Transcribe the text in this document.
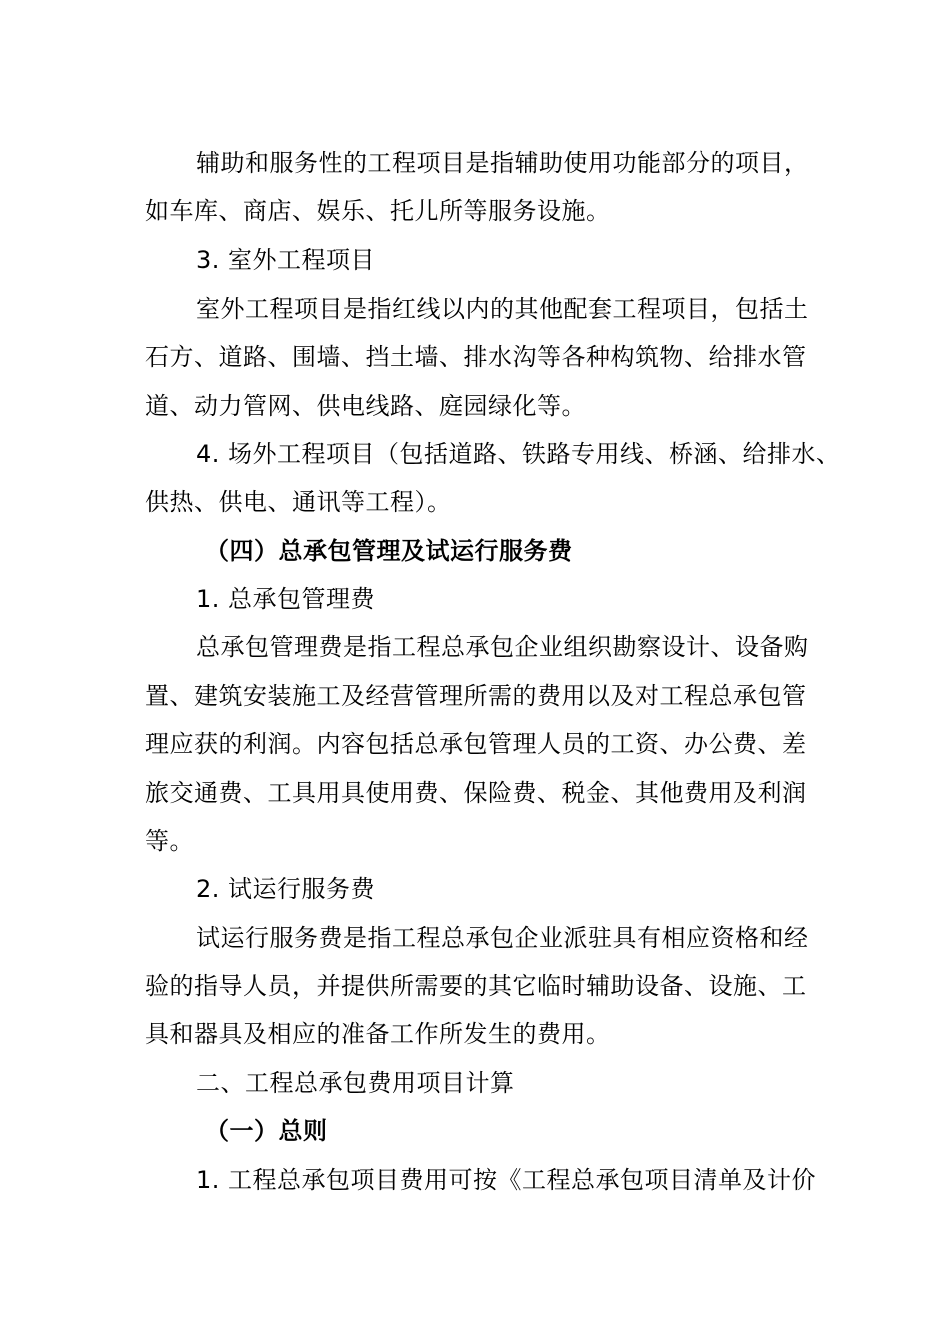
辅助和服务性的工程项目是指辅助使用功能部分的项目，
如车库、商店、娱乐、托儿所等服务设施。
3. 室外工程项目
室外工程项目是指红线以内的其他配套工程项目，包括土
石方、道路、围墙、挡土墙、排水沟等各种构筑物、给排水管
道、动力管网、供电线路、庭园绿化等。
4. 场外工程项目（包括道路、铁路专用线、桥涵、给排水、
供热、供电、通讯等工程）。
（四）总承包管理及试运行服务费
1. 总承包管理费
总承包管理费是指工程总承包企业组织勘察设计、设备购
置、建筑安装施工及经营管理所需的费用以及对工程总承包管
理应获的利润。内容包括总承包管理人员的工资、办公费、差
旅交通费、工具用具使用费、保险费、税金、其他费用及利润
等。
2. 试运行服务费
试运行服务费是指工程总承包企业派驻具有相应资格和经
验的指导人员，并提供所需要的其它临时辅助设备、设施、工
具和器具及相应的准备工作所发生的费用。
二、工程总承包费用项目计算
（一）总则
1. 工程总承包项目费用可按《工程总承包项目清单及计价
